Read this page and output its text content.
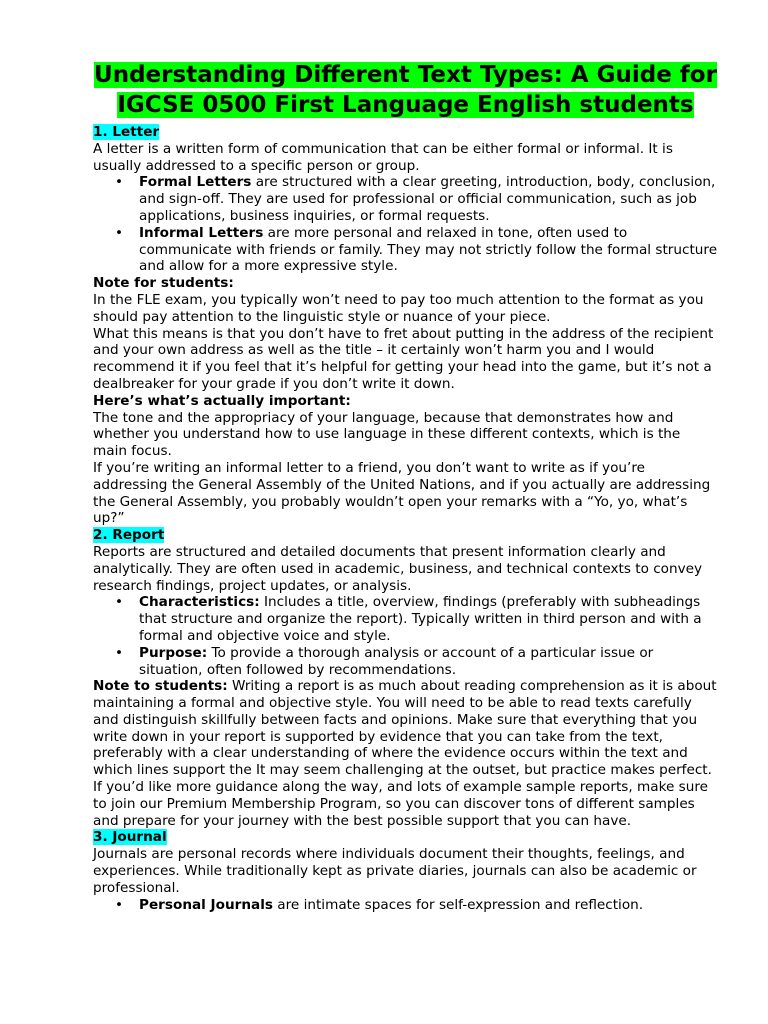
Understanding Different Text Types: A Guide for IGCSE 0500 First Language English students
1. Letter

A letter is a written form of communication that can be either formal or informal. It is usually addressed to a specific person or group.

• Formal Letters are structured with a clear greeting, introduction, body, conclusion, and sign-off. They are used for professional or official communication, such as job applications, business inquiries, or formal requests.
• Informal Letters are more personal and relaxed in tone, often used to communicate with friends or family. They may not strictly follow the formal structure and allow for a more expressive style.

Note for students:

In the FLE exam, you typically won’t need to pay too much attention to the format as you should pay attention to the linguistic style or nuance of your piece.

What this means is that you don’t have to fret about putting in the address of the recipient and your own address as well as the title – it certainly won’t harm you and I would recommend it if you feel that it’s helpful for getting your head into the game, but it’s not a dealbreaker for your grade if you don’t write it down.

Here’s what’s actually important:

The tone and the appropriacy of your language, because that demonstrates how and whether you understand how to use language in these different contexts, which is the main focus.

If you’re writing an informal letter to a friend, you don’t want to write as if you’re addressing the General Assembly of the United Nations, and if you actually are addressing the General Assembly, you probably wouldn’t open your remarks with a “Yo, yo, what’s up?”

2. Report

Reports are structured and detailed documents that present information clearly and analytically. They are often used in academic, business, and technical contexts to convey research findings, project updates, or analysis.

• Characteristics: Includes a title, overview, findings (preferably with subheadings that structure and organize the report). Typically written in third person and with a formal and objective voice and style.
• Purpose: To provide a thorough analysis or account of a particular issue or situation, often followed by recommendations.

Note to students: Writing a report is as much about reading comprehension as it is about maintaining a formal and objective style. You will need to be able to read texts carefully and distinguish skillfully between facts and opinions. Make sure that everything that you write down in your report is supported by evidence that you can take from the text, preferably with a clear understanding of where the evidence occurs within the text and which lines support the It may seem challenging at the outset, but practice makes perfect. If you’d like more guidance along the way, and lots of example sample reports, make sure to join our Premium Membership Program, so you can discover tons of different samples and prepare for your journey with the best possible support that you can have.

3. Journal

Journals are personal records where individuals document their thoughts, feelings, and experiences. While traditionally kept as private diaries, journals can also be academic or professional.

• Personal Journals are intimate spaces for self-expression and reflection.
